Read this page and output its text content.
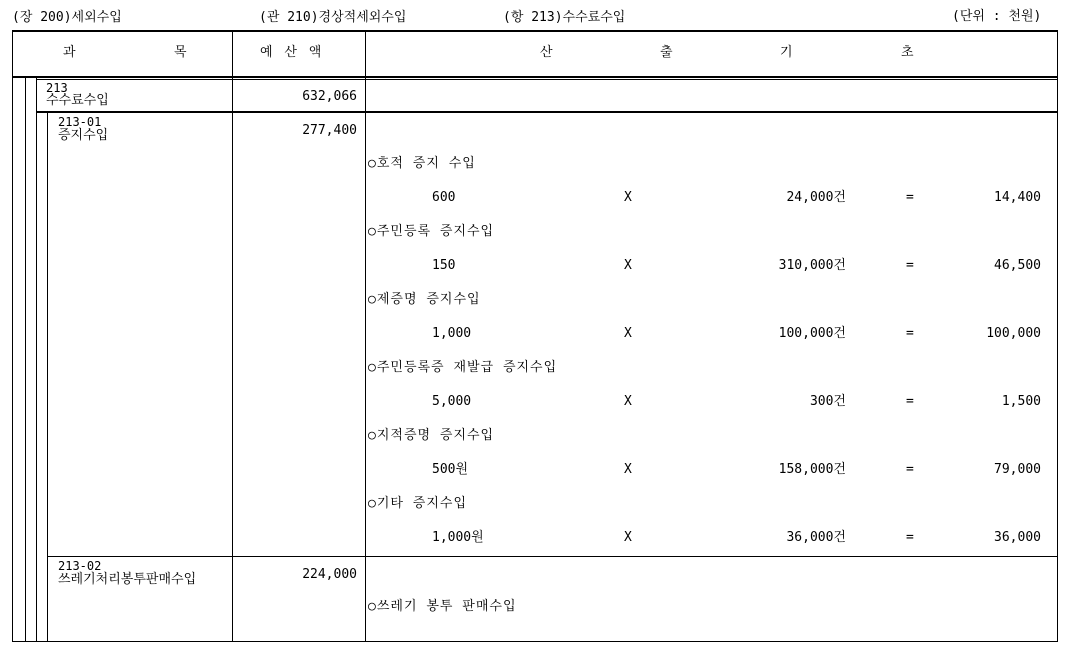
(장 200)세외수입	(관 210)경상적세외수입	(항 213)수수료수입	(단위 : 천원)
과	목	예 산 액	산	출	기	초
213
수수료수입	632,066
213-01
증지수입	277,400
○호적 증지 수입
600	X	24,000건	=	14,400
○주민등록 증지수입
150	X	310,000건	=	46,500
○제증명 증지수입
1,000	X	100,000건	=	100,000
○주민등록증 재발급 증지수입
5,000	X	300건	=	1,500
○지적증명 증지수입
500원	X	158,000건	=	79,000
○기타 증지수입
1,000원	X	36,000건	=	36,000
213-02
쓰레기처리봉투판매수입	224,000
○쓰레기 봉투 판매수입
